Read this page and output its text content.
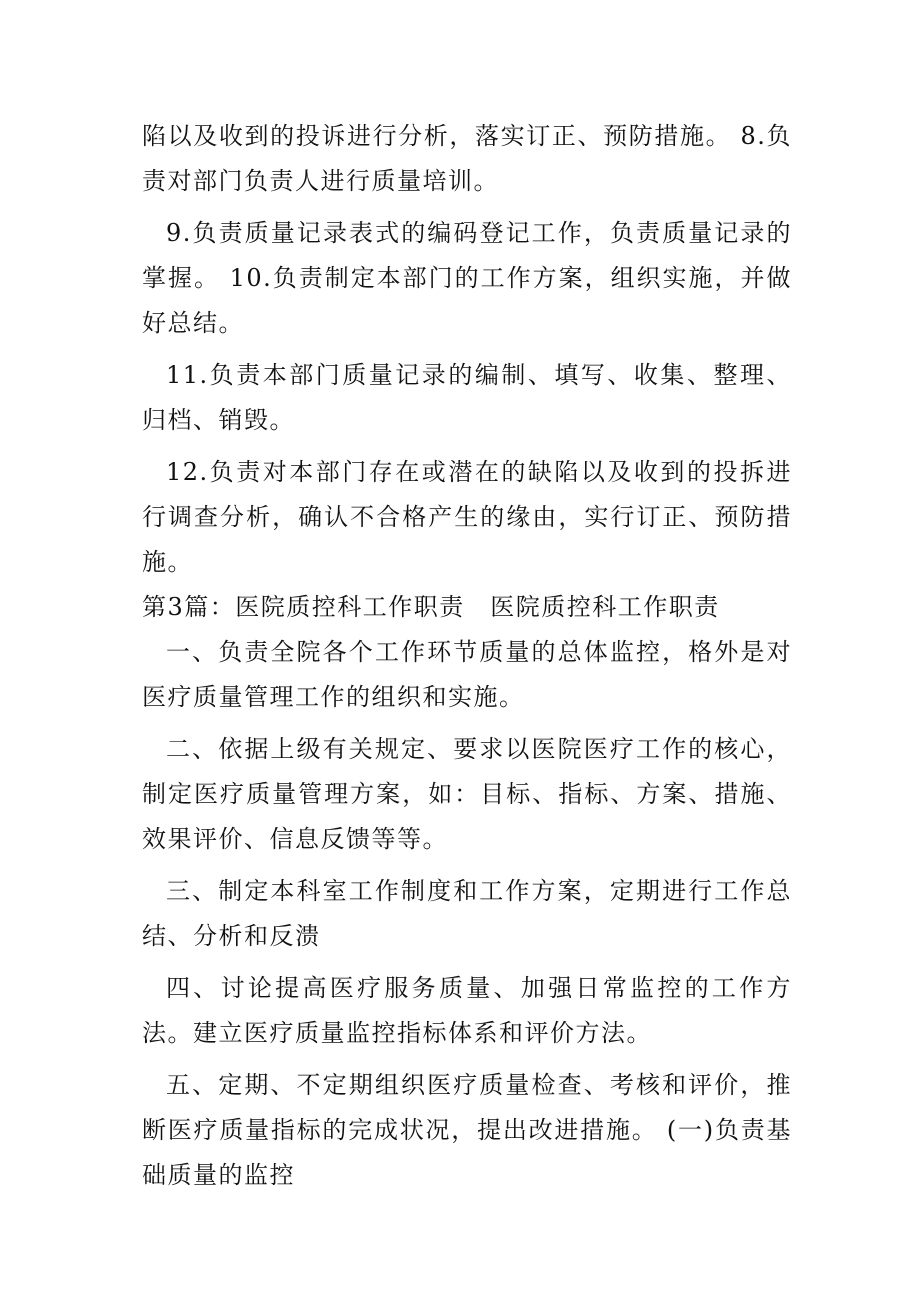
陷以及收到的投诉进行分析，落实订正、预防措施。 8.负责对部门负责人进行质量培训。

9.负责质量记录表式的编码登记工作，负责质量记录的掌握。 10.负责制定本部门的工作方案，组织实施，并做好总结。

11.负责本部门质量记录的编制、填写、收集、整理、归档、销毁。

12.负责对本部门存在或潜在的缺陷以及收到的投拆进行调查分析，确认不合格产生的缘由，实行订正、预防措施。

第3篇：医院质控科工作职责　医院质控科工作职责

一、负责全院各个工作环节质量的总体监控，格外是对医疗质量管理工作的组织和实施。

二、依据上级有关规定、要求以医院医疗工作的核心，制定医疗质量管理方案，如：目标、指标、方案、措施、效果评价、信息反馈等等。

三、制定本科室工作制度和工作方案，定期进行工作总结、分析和反溃

四、讨论提高医疗服务质量、加强日常监控的工作方法。建立医疗质量监控指标体系和评价方法。

五、定期、不定期组织医疗质量检查、考核和评价，推断医疗质量指标的完成状况，提出改进措施。 (一)负责基础质量的监控
